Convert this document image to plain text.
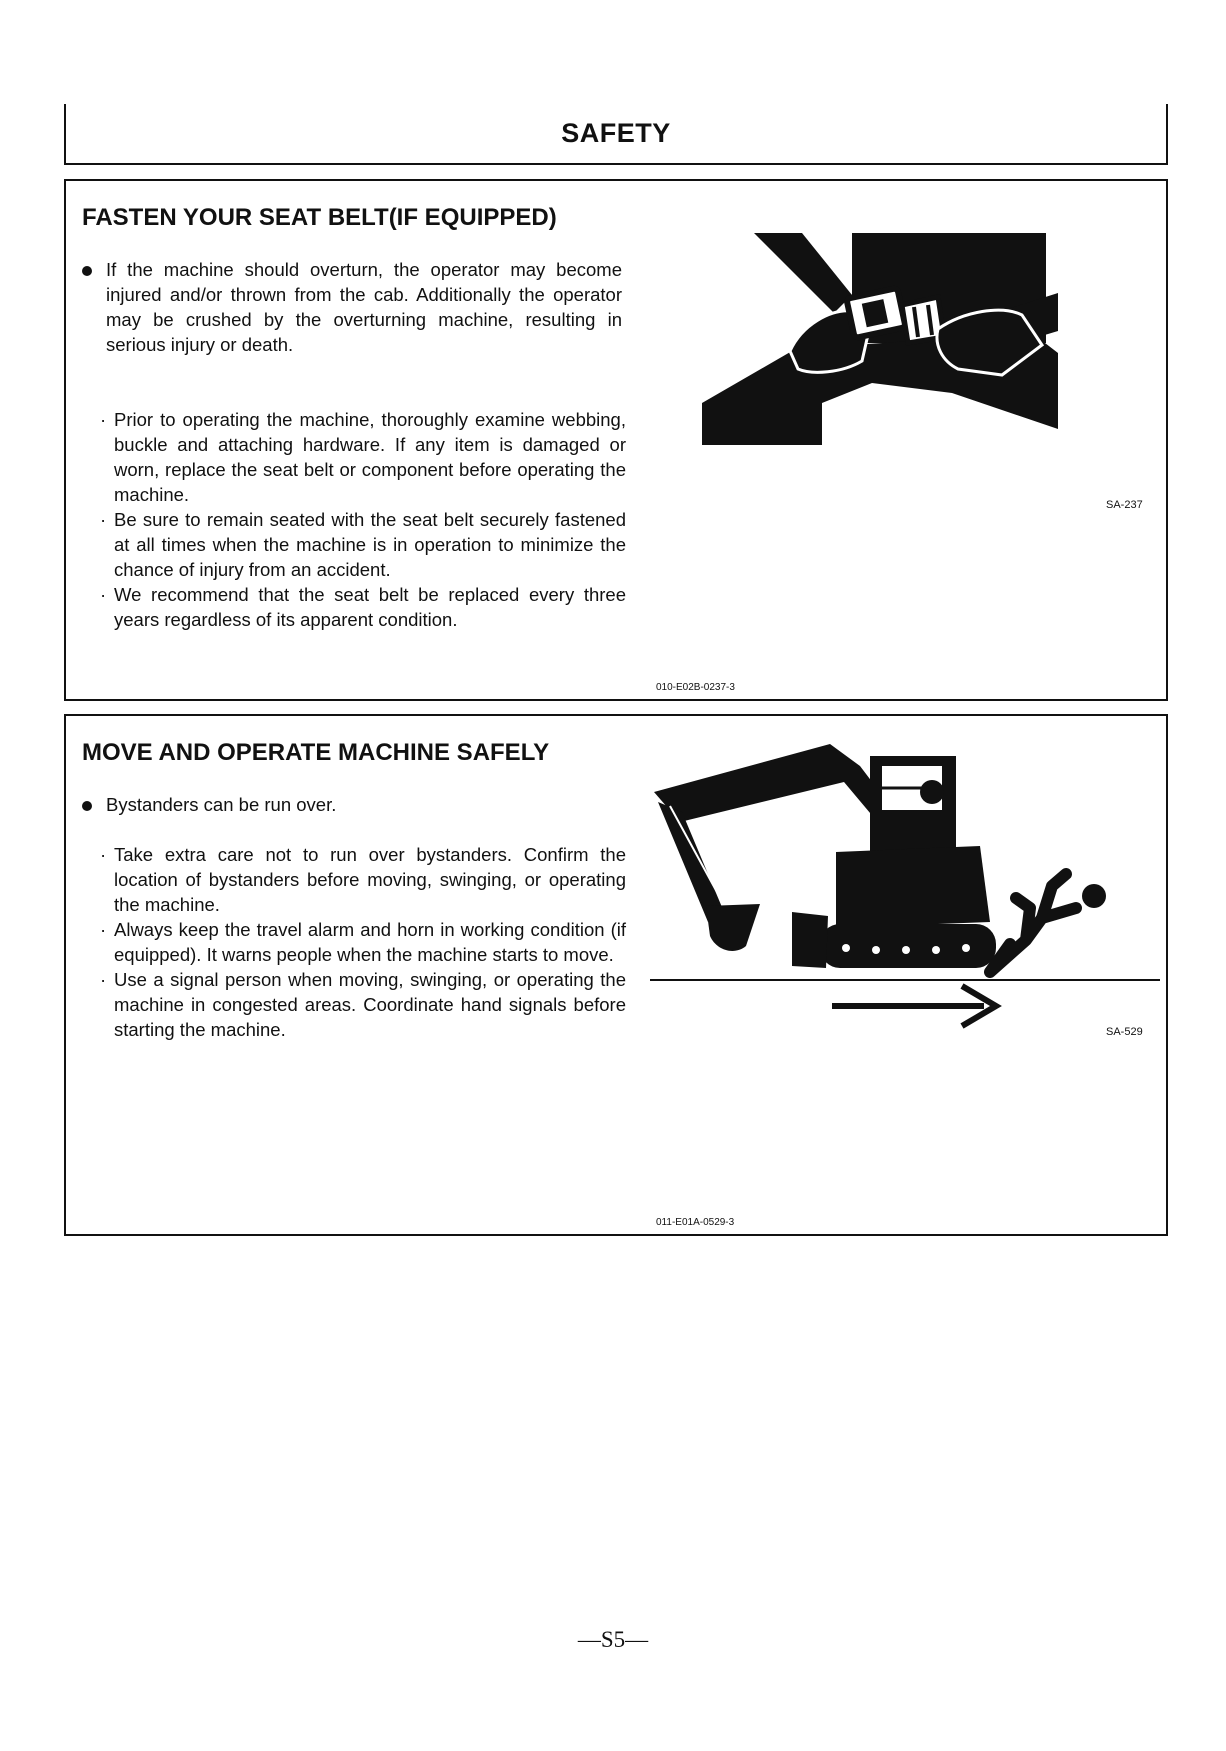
SAFETY
FASTEN YOUR SEAT BELT(IF EQUIPPED)
If the machine should overturn, the operator may become injured and/or thrown from the cab. Additionally the operator may be crushed by the overturning machine, resulting in serious injury or death.
· Prior to operating the machine, thoroughly examine webbing, buckle and attaching hardware. If any item is damaged or worn, replace the seat belt or component before operating the machine.
· Be sure to remain seated with the seat belt securely fastened at all times when the machine is in operation to minimize the chance of injury from an accident.
· We recommend that the seat belt be replaced every three years regardless of its apparent condition.
SA-237
010-E02B-0237-3
MOVE AND OPERATE MACHINE SAFELY
Bystanders can be run over.
· Take extra care not to run over bystanders. Confirm the location of bystanders before moving, swinging, or operating the machine.
· Always keep the travel alarm and horn in working condition (if equipped). It warns people when the machine starts to move.
· Use a signal person when moving, swinging, or operating the machine in congested areas. Coordinate hand signals before starting the machine.	SA-529
011-E01A-0529-3
—S5—
